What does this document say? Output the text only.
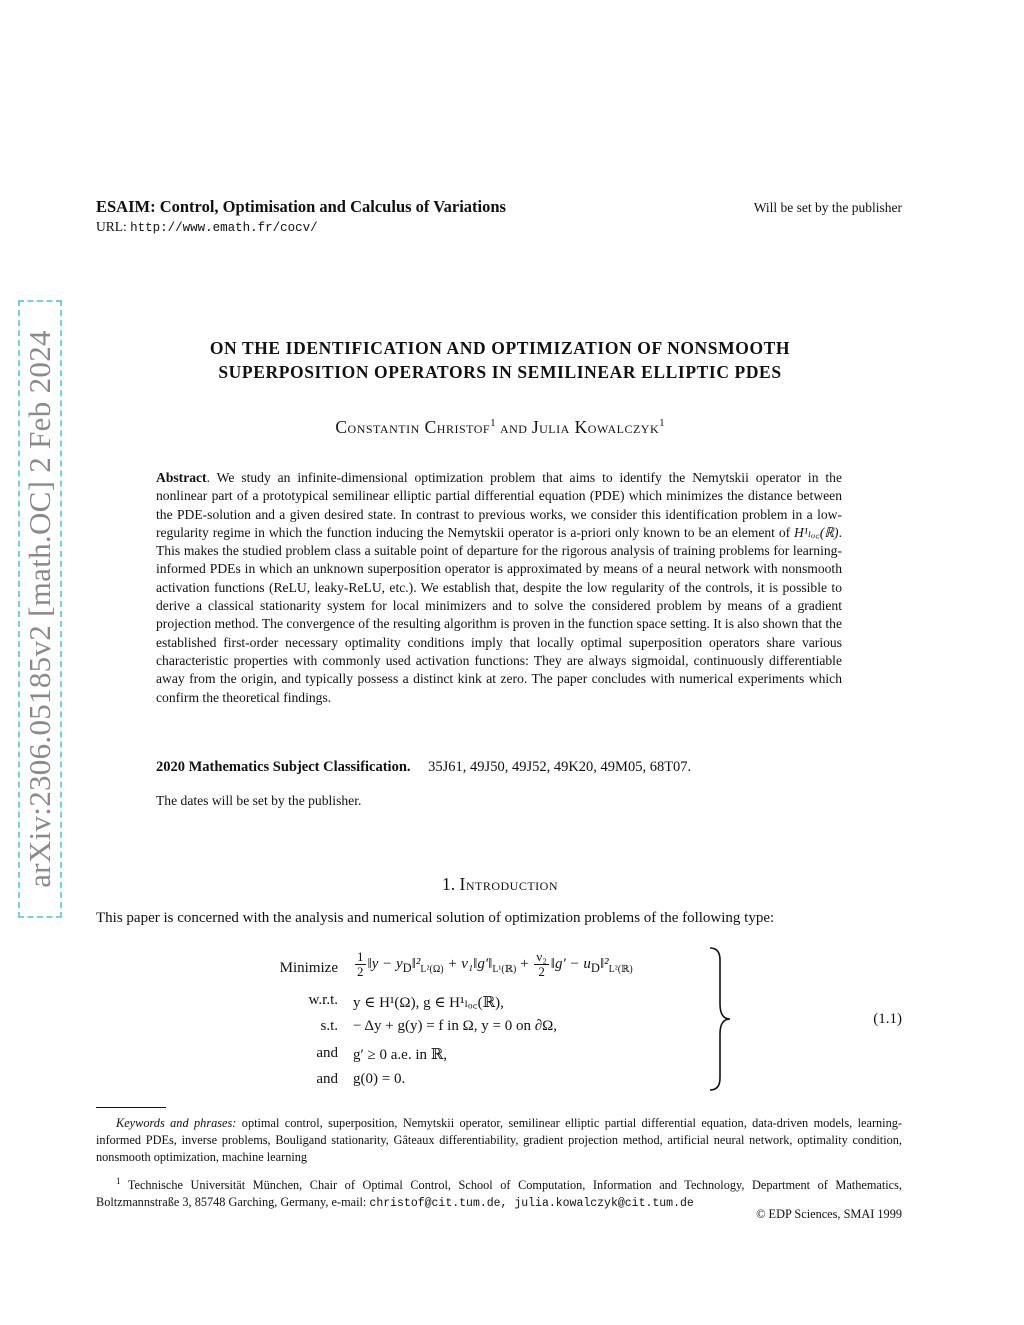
ESAIM: Control, Optimisation and Calculus of Variations	Will be set by the publisher
URL: http://www.emath.fr/cocv/
arXiv:2306.05185v2 [math.OC] 2 Feb 2024	ON THE IDENTIFICATION AND OPTIMIZATION OF NONSMOOTH
SUPERPOSITION OPERATORS IN SEMILINEAR ELLIPTIC PDES
Constantin Christof$^1$ and Julia Kowalczyk$^1$
Abstract. We study an infinite-dimensional optimization problem that aims to identify the Nemytskii operator in the nonlinear part of a prototypical semilinear elliptic partial differential equation (PDE) which minimizes the distance between the PDE-solution and a given desired state. In contrast to previous works, we consider this identification problem in a low-regularity regime in which the function inducing the Nemytskii operator is a-priori only known to be an element of H¹ₗₒ꜀(ℝ). This makes the studied problem class a suitable point of departure for the rigorous analysis of training problems for learning-informed PDEs in which an unknown superposition operator is approximated by means of a neural network with nonsmooth activation functions (ReLU, leaky-ReLU, etc.). We establish that, despite the low regularity of the controls, it is possible to derive a classical stationarity system for local minimizers and to solve the considered problem by means of a gradient projection method. The convergence of the resulting algorithm is proven in the function space setting. It is also shown that the established first-order necessary optimality conditions imply that locally optimal superposition operators share various characteristic properties with commonly used activation functions: They are always sigmoidal, continuously differentiable away from the origin, and typically possess a distinct kink at zero. The paper concludes with numerical experiments which confirm the theoretical findings.
2020 Mathematics Subject Classification. 35J61, 49J50, 49J52, 49K20, 49M05, 68T07.
The dates will be set by the publisher.
1. Introduction
This paper is concerned with the analysis and numerical solution of optimization problems of the following type:
Minimize
w.r.t.
s.t.
and
and
$\frac{1}{2}$ ‖y − $y_D‖^2_{L^2(\Omega)}$ + $\nu_1‖g'‖_{L^1(ℝ)} + \frac{\text{ν₂}}{2}$ ‖g′ − $u_D‖^2_{L^2(ℝ)}$
y ∈ H¹(Ω), g ∈ H¹ₗₒ꜀(ℝ),
− Δy + g(y) = f in Ω, y = 0 on ∂Ω,
g′ ≥ 0 a.e. in ℝ,
g(0) = 0.
(1.1)
Keywords and phrases: optimal control, superposition, Nemytskii operator, semilinear elliptic partial differential equation, data-driven models, learning-informed PDEs, inverse problems, Bouligand stationarity, Gâteaux differentiability, gradient projection method, artificial neural network, optimality condition, nonsmooth optimization, machine learning
$^1$ Technische Universität München, Chair of Optimal Control, School of Computation, Information and Technology, Department of Mathematics, Boltzmannstraße 3, 85748 Garching, Germany, e-mail: christof@cit.tum.de, julia.kowalczyk@cit.tum.de
© EDP Sciences, SMAI 1999
